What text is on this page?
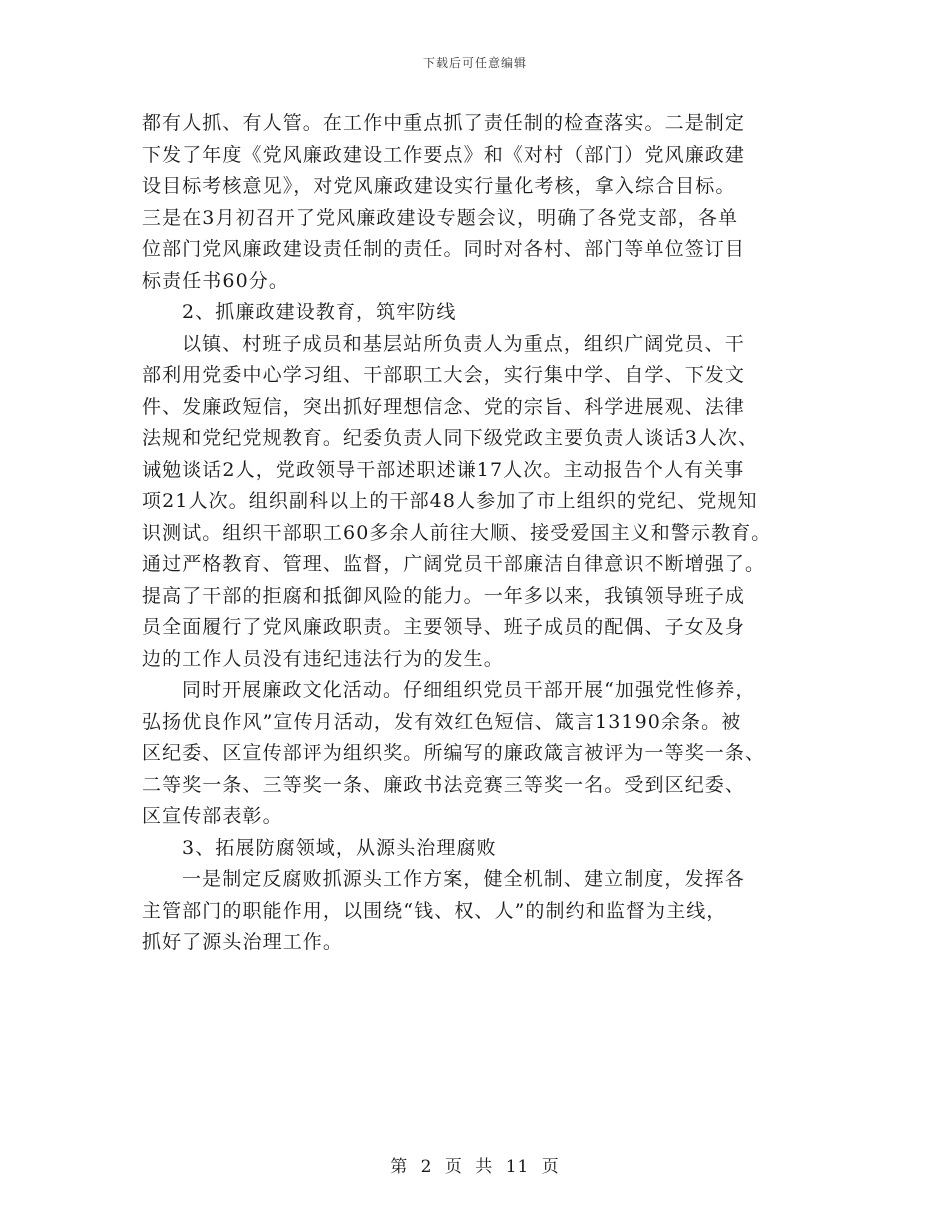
下载后可任意编辑
都有人抓、有人管。在工作中重点抓了责任制的检查落实。二是制定
下发了年度《党风廉政建设工作要点》和《对村（部门）党风廉政建
设目标考核意见》，对党风廉政建设实行量化考核，拿入综合目标。
三是在3月初召开了党风廉政建设专题会议，明确了各党支部，各单
位部门党风廉政建设责任制的责任。同时对各村、部门等单位签订目
标责任书60分。
2、抓廉政建设教育，筑牢防线
以镇、村班子成员和基层站所负责人为重点，组织广阔党员、干
部利用党委中心学习组、干部职工大会，实行集中学、自学、下发文
件、发廉政短信，突出抓好理想信念、党的宗旨、科学进展观、法律
法规和党纪党规教育。纪委负责人同下级党政主要负责人谈话3人次、
诫勉谈话2人，党政领导干部述职述谦17人次。主动报告个人有关事
项21人次。组织副科以上的干部48人参加了市上组织的党纪、党规知
识测试。组织干部职工60多余人前往大顺、接受爱国主义和警示教育。
通过严格教育、管理、监督，广阔党员干部廉洁自律意识不断增强了。
提高了干部的拒腐和抵御风险的能力。一年多以来，我镇领导班子成
员全面履行了党风廉政职责。主要领导、班子成员的配偶、子女及身
边的工作人员没有违纪违法行为的发生。
同时开展廉政文化活动。仔细组织党员干部开展“加强党性修养，
弘扬优良作风”宣传月活动，发有效红色短信、箴言13190余条。被
区纪委、区宣传部评为组织奖。所编写的廉政箴言被评为一等奖一条、
二等奖一条、三等奖一条、廉政书法竞赛三等奖一名。受到区纪委、
区宣传部表彰。
3、拓展防腐领域，从源头治理腐败
一是制定反腐败抓源头工作方案，健全机制、建立制度，发挥各
主管部门的职能作用，以围绕“钱、权、人”的制约和监督为主线，
抓好了源头治理工作。
第 2 页 共 11 页
